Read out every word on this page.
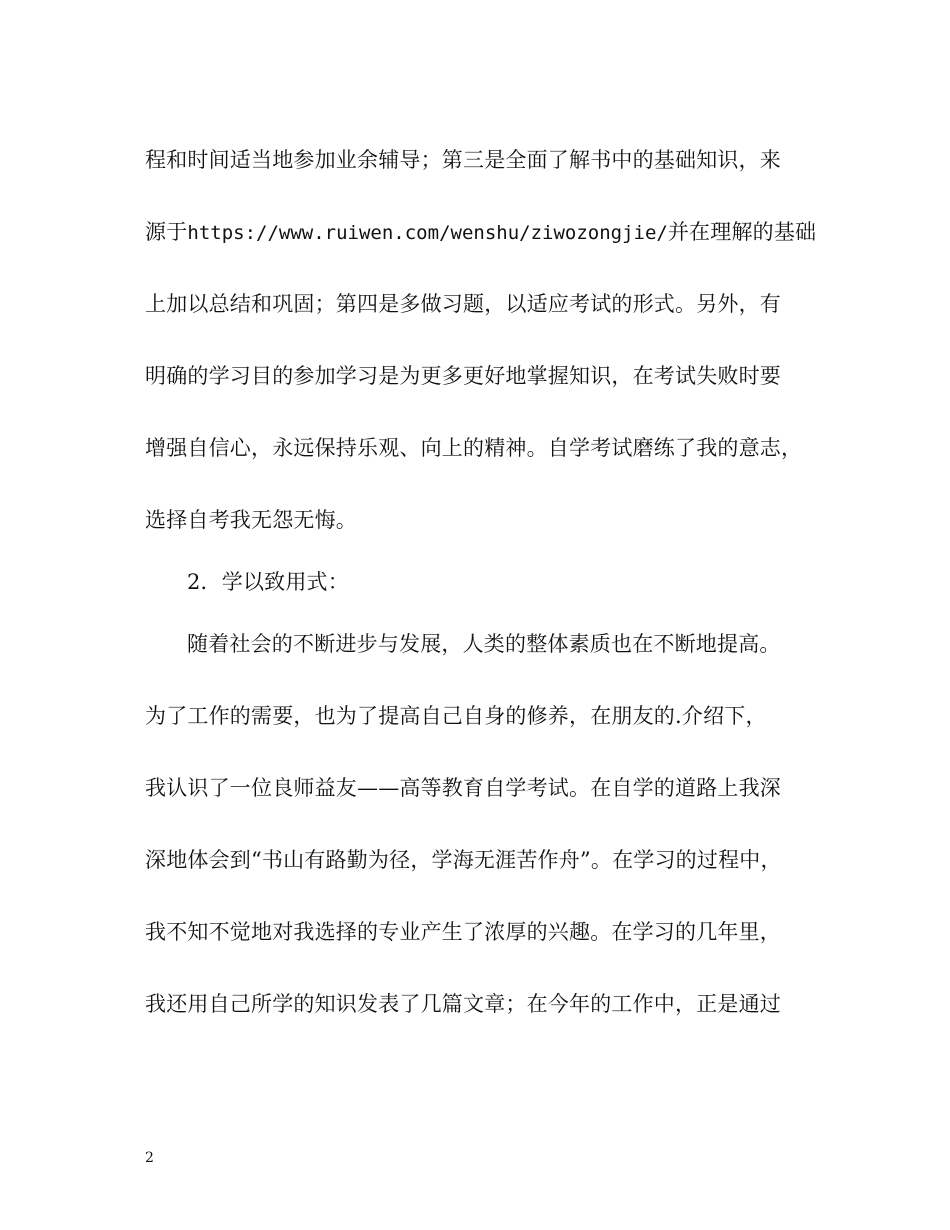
程和时间适当地参加业余辅导；第三是全面了解书中的基础知识，来
源于https://www.ruiwen.com/wenshu/ziwozongjie/并在理解的基础
上加以总结和巩固；第四是多做习题，以适应考试的形式。另外，有
明确的学习目的参加学习是为更多更好地掌握知识，在考试失败时要
增强自信心，永远保持乐观、向上的精神。自学考试磨练了我的意志，
选择自考我无怨无悔。
2．学以致用式：
随着社会的不断进步与发展，人类的整体素质也在不断地提高。
为了工作的需要，也为了提高自己自身的修养，在朋友的.介绍下，
我认识了一位良师益友——高等教育自学考试。在自学的道路上我深
深地体会到“书山有路勤为径，学海无涯苦作舟”。在学习的过程中，
我不知不觉地对我选择的专业产生了浓厚的兴趣。在学习的几年里，
我还用自己所学的知识发表了几篇文章；在今年的工作中，正是通过
2
